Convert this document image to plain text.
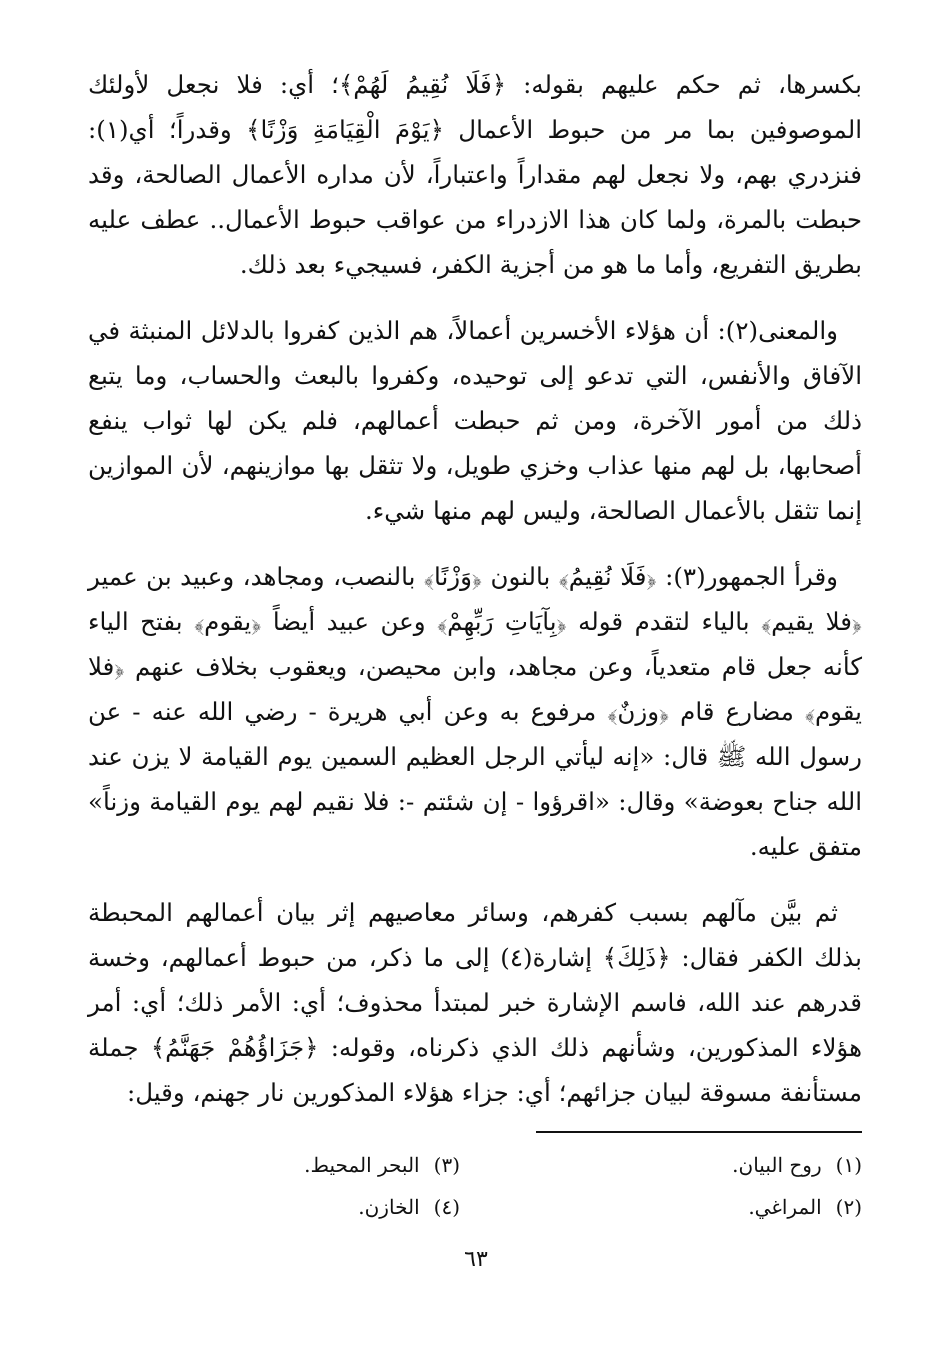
بكسرها، ثم حكم عليهم بقوله: ﴿فَلَا نُقِيمُ لَهُمْ﴾؛ أي: فلا نجعل لأولئك الموصوفين بما مر من حبوط الأعمال ﴿يَوْمَ الْقِيَامَةِ وَزْنًا﴾ وقدراً؛ أي(١): فنزدري بهم، ولا نجعل لهم مقداراً واعتباراً، لأن مداره الأعمال الصالحة، وقد حبطت بالمرة، ولما كان هذا الازدراء من عواقب حبوط الأعمال.. عطف عليه بطريق التفريع، وأما ما هو من أجزية الكفر، فسيجيء بعد ذلك.

والمعنى(٢): أن هؤلاء الأخسرين أعمالاً، هم الذين كفروا بالدلائل المنبثة في الآفاق والأنفس، التي تدعو إلى توحيده، وكفروا بالبعث والحساب، وما يتبع ذلك من أمور الآخرة، ومن ثم حبطت أعمالهم، فلم يكن لها ثواب ينفع أصحابها، بل لهم منها عذاب وخزي طويل، ولا تثقل بها موازينهم، لأن الموازين إنما تثقل بالأعمال الصالحة، وليس لهم منها شيء.

وقرأ الجمهور(٣): ﴿فَلَا نُقِيمُ﴾ بالنون ﴿وَزْنًا﴾ بالنصب، ومجاهد، وعبيد بن عمير ﴿فلا يقيم﴾ بالياء لتقدم قوله ﴿بِآيَاتِ رَبِّهِمْ﴾ وعن عبيد أيضاً ﴿يقوم﴾ بفتح الياء كأنه جعل قام متعدياً، وعن مجاهد، وابن محيصن، ويعقوب بخلاف عنهم ﴿فلا يقوم﴾ مضارع قام ﴿وزنٌ﴾ مرفوع به وعن أبي هريرة - رضي الله عنه - عن رسول الله ﷺ قال: «إنه ليأتي الرجل العظيم السمين يوم القيامة لا يزن عند الله جناح بعوضة» وقال: «اقرؤوا - إن شئتم -: فلا نقيم لهم يوم القيامة وزناً» متفق عليه.

ثم بيَّن مآلهم بسبب كفرهم، وسائر معاصيهم إثر بيان أعمالهم المحبطة بذلك الكفر فقال: ﴿ذَلِكَ﴾ إشارة(٤) إلى ما ذكر، من حبوط أعمالهم، وخسة قدرهم عند الله، فاسم الإشارة خبر لمبتدأ محذوف؛ أي: الأمر ذلك؛ أي: أمر هؤلاء المذكورين، وشأنهم ذلك الذي ذكرناه، وقوله: ﴿جَزَاؤُهُمْ جَهَنَّمُ﴾ جملة مستأنفة مسوقة لبيان جزائهم؛ أي: جزاء هؤلاء المذكورين نار جهنم، وقيل:

(١)روح البيان.
(٢)المراغي.
(٣)البحر المحيط.
(٤)الخازن.
٦٣
